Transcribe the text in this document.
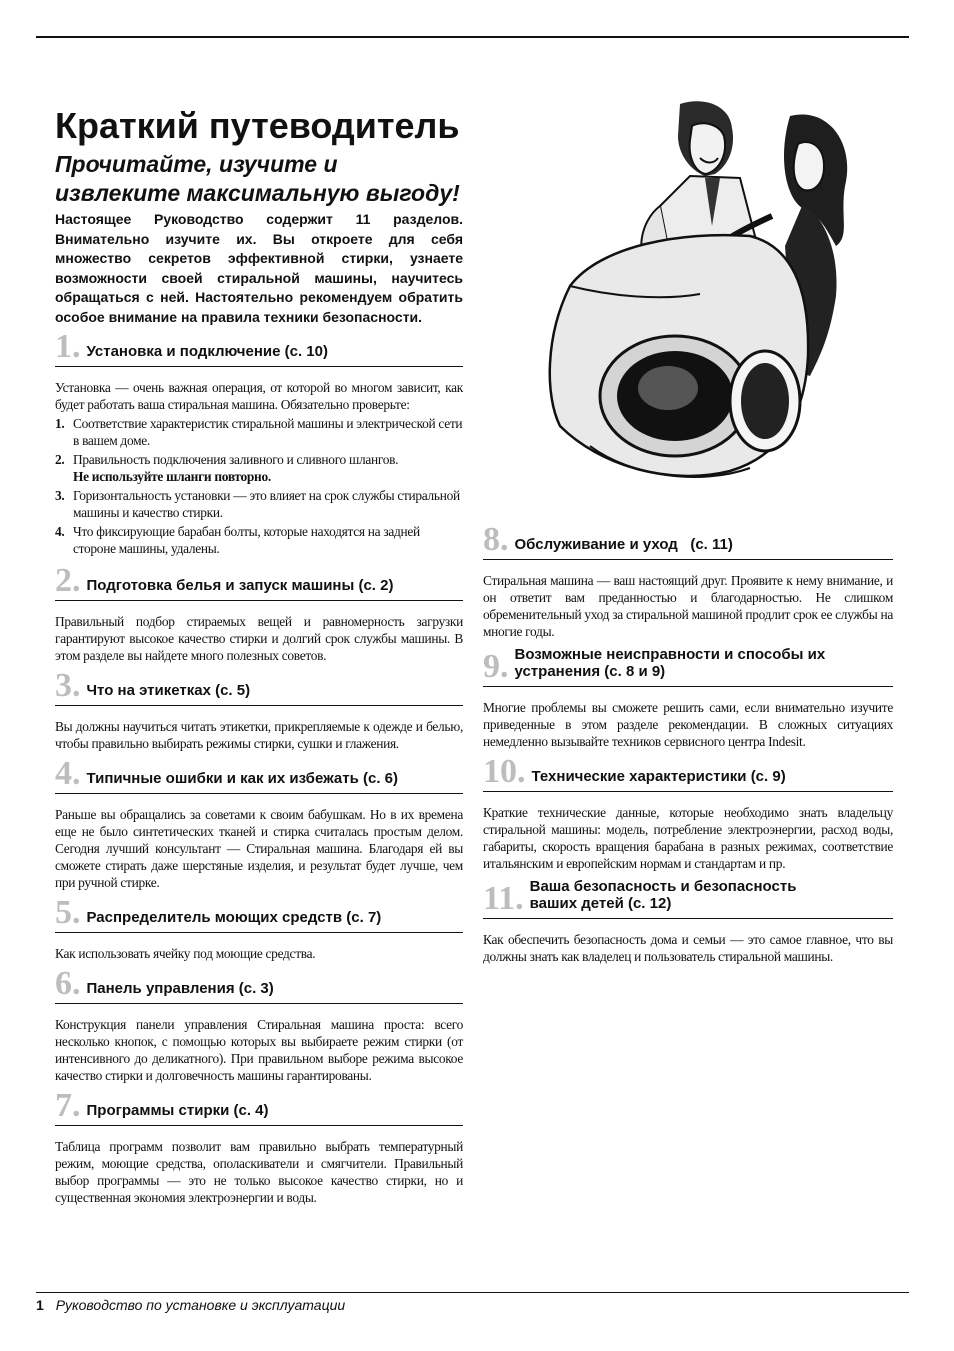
Краткий путеводитель
Прочитайте, изучите и извлеките максимальную выгоду!

Настоящее Руководство содержит 11 разделов. Внимательно изучите их. Вы откроете для себя множество секретов эффективной стирки, узнаете возможности своей стиральной машины, научитесь обращаться с ней. Настоятельно рекомендуем обратить особое внимание на правила техники безопасности.

1. Установка и подключение (с. 10)

Установка — очень важная операция, от которой во многом зависит, как будет работать ваша стиральная машина. Обязательно проверьте:

1. Соответствие характеристик стиральной машины и электрической сети в вашем доме.
2. Правильность подключения заливного и сливного шлангов.
Не используйте шланги повторно.
3. Горизонтальность установки — это влияет на срок службы стиральной машины и качество стирки.
4. Что фиксирующие барабан болты, которые находятся на задней стороне машины, удалены.
2. Подготовка белья и запуск машины (с. 2)

Правильный подбор стираемых вещей и равномерность загрузки гарантируют высокое качество стирки и долгий срок службы машины. В этом разделе вы найдете много полезных советов.

3. Что на этикетках (с. 5)

Вы должны научиться читать этикетки, прикрепляемые к одежде и белью, чтобы правильно выбирать режимы стирки, сушки и глажения.

4. Типичные ошибки и как их избежать (с. 6)

Раньше вы обращались за советами к своим бабушкам. Но в их времена еще не было синтетических тканей и стирка считалась простым делом. Сегодня лучший консультант — Стиральная машина. Благодаря ей вы сможете стирать даже шерстяные изделия, и результат будет лучше, чем при ручной стирке.

5. Распределитель моющих средств (с. 7)

Как использовать ячейку под моющие средства.

6. Панель управления (с. 3)

Конструкция панели управления Стиральная машина проста: всего несколько кнопок, с помощью которых вы выбираете режим стирки (от интенсивного до деликатного). При правильном выборе режима высокое качество стирки и долговечность машины гарантированы.

7. Программы стирки (с. 4)

Таблица программ позволит вам правильно выбрать температурный режим, моющие средства, ополаскиватели и смягчители. Правильный выбор программы — это не только высокое качество стирки, но и существенная экономия электроэнергии и воды.

8. Обслуживание и уход   (с. 11)

Стиральная машина — ваш настоящий друг. Проявите к нему внимание, и он ответит вам преданностью и благодарностью. Не слишком обременительный уход за стиральной машиной продлит срок ее службы на многие годы.

9. Возможные неисправности и способы их устранения (с. 8 и 9)

Многие проблемы вы сможете решить сами, если внимательно изучите приведенные в этом разделе рекомендации. В сложных ситуациях немедленно вызывайте техников сервисного центра Indesit.

10. Технические характеристики (с. 9)

Краткие технические данные, которые необходимо знать владельцу стиральной машины: модель, потребление электроэнергии, расход воды, габариты, скорость вращения барабана в разных режимах, соответствие итальянским и европейским нормам и стандартам и пр.

11. Ваша безопасность и безопасность ваших детей (с. 12)

Как обеспечить безопасность дома и семьи — это самое главное, что вы должны знать как владелец и пользователь стиральной машины.

1 Руководство по установке и эксплуатации
